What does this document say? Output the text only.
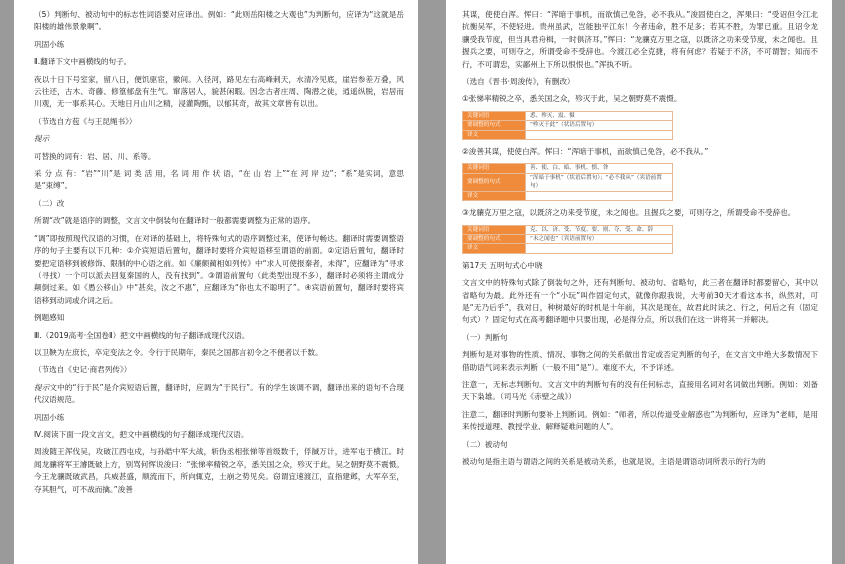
（5）判断句、被动句中的标志性词语要对应译出。例如：“此则岳阳楼之大观也”为判断句，应译为“这就是岳阳楼的雄伟景象啊”。

巩固小练

Ⅱ.翻译下文中画横线的句子。

夜以十日下号室家，留八日，便饥驱宦，徽间。入径河，路见左右高峰刺天，水清冷见底，崖岩参差万叠，风云往还，古木、奇藤、修篁郁盘有生气。窜落居人，貌甚闲暇。因念古者庄周、陶潜之徒，逍遥纵脱，岩居而川观，无一事系其心。天地日月山川之精，浸灌陶甄，以郁其奇，故其文章皆有以出。

（节选自方苞《与王昆绳书》）

提示

可替换的词有：岩、居、川、系等。

采 分 点 有：“岩”“川”是 词 类 活 用，名 词 用 作 状 语，“在 山 岩 上”“在 河 岸 边”；“系”是实词，意思是“束缚”。

（二）改

所谓“改”就是语序的调整，文言文中倒装句在翻译时一般都需要调整为正常的语序。

“调”即按照现代汉语的习惯，在对译的基础上，将特殊句式的语序调整过来，使译句畅达。翻译时需要调整语序的句子主要有以下几种：①介宾短语后置句，翻译时要将介宾短语移至谓语的前面。②定语后置句，翻译时要把定语移到被修饰、限制的中心语之前。如《廉颇蔺相如列传》中“求人可使报秦者，未得”，应翻译为“寻求（寻找）一个可以派去回复秦国的人，没有找到”。③谓语前置句（此类型出现不多），翻译时必须将主谓成分颠倒过来。如《愚公移山》中“甚矣，汝之不惠”，应翻译为“你也太不聪明了”。④宾语前置句，翻译时要将宾语移到动词或介词之后。

例题感知

Ⅲ.（2019高考·全国卷Ⅱ）把文中画横线的句子翻译成现代汉语。

以卫鞅为左庶长，卒定变法之令。令行于民期年，秦民之国都言初令之不便者以千数。

（节选自《史记·商君列传》）

提示文中的“行于民”是介宾短语后置，翻译时，应调为“于民行”。有的学生该调不调，翻译出来的语句不合现代汉语规范。

巩固小练

Ⅳ.阅读下面一段文言文，把文中画横线的句子翻译成现代汉语。

周浚随王浑伐吴，攻破江西屯戍，与孙皓中军大战，斩伪丞相张悌等首级数千，俘馘万计，进军屯于横江。时闻龙骧将军王濬既破上方，别骂何恽说浚曰：“张悌率精锐之卒，悉关国之众，殄灭于此，吴之朝野莫不震慑。今王龙骧既破武昌，兵威甚盛，顺流而下，所向辄克，土崩之势见矣。窃谓宜速渡江，直指建邺，大军卒至，夺其胆气，可不战而擒。”浚善

其谋，使使白浑。恽曰：“浑暗于事机，而欲慎己免咎，必不我从。”浚固使白之，浑果曰：“受诏但令江北抗衡吴军，不使轻进。贵州虽武，岂能独平江东！今者违命，胜不足多；若其不胜，为罪已重。且诏令龙骧受我节度，但当具君舟楫，一时俱济耳。”恽曰：“龙骧克万里之寇，以既济之功来受节度，未之闻也。且握兵之要，可则夺之，所谓受命不受辞也。今渡江必全克捷，将有何虑？若疑于不济，不可谓智；知而不行，不可谓忠，实鄙州上下所以恨恨也。”浑执不听。

（选自《晋书·周浚传》，有删改）

①张悌率精锐之卒，悉关国之众，殄灭于此，吴之朝野莫不震慑。

关键词语	悉、殄灭、震、慑
要调整的句式	“殄灭于此”（状语后置句）
译文	

②浚善其谋，使使白浑。恽曰：“浑暗于事机，而欲慎己免咎，必不我从。”

关键词语	善、使、白、暗、事机、慎、咎
要调整的句式	“浑暗于事机”（状语后置句）；“必不我从”（宾语前置句）
译文	

③龙骧克万里之寇，以既济之功来受节度，未之闻也。且握兵之要，可则夺之，所谓受命不受辞也。

关键词语	克、以、济、受、节度、要、则、夺、受、命、辞
要调整的句式	“未之闻也”（宾语前置句）
译文	

第17天 五明句式心中晓

文言文中的特殊句式除了倒装句之外，还有判断句、被动句、省略句，此三者在翻译时都要留心，其中以省略句为最。此外还有一个“小玩”叫作固定句式，就像你跟我说，大考前30天才看这本书，纵然对，可是“无乃后乎”，我对日，种树最好的时机是十年前，其次是现在，故君此时读之、行之，何后之有（固定句式）？固定句式在高考翻译题中只要出现，必是得分点，所以我们在这一讲将其一并解决。

（一）判断句

判断句是对事物的性质、情况、事物之间的关系做出肯定或否定判断的句子，在文言文中绝大多数情况下借助语气词来表示判断（一般不用“是”）。难度不大，不予详述。

注意一，无标志判断句。文言文中的判断句有的没有任何标志，直接用名词对名词做出判断。例如：刘备天下枭雄。（司马光《赤壁之战》）

注意二，翻译时判断句要补上判断词。例如：“师者，所以传道受业解惑也”为判断句，应译为“老师，是用来传授道理、教授学业、解释疑难问题的人”。

（二）被动句

被动句是指主语与谓语之间的关系是被动关系，也就是说，主语是谓语动词所表示的行为的
